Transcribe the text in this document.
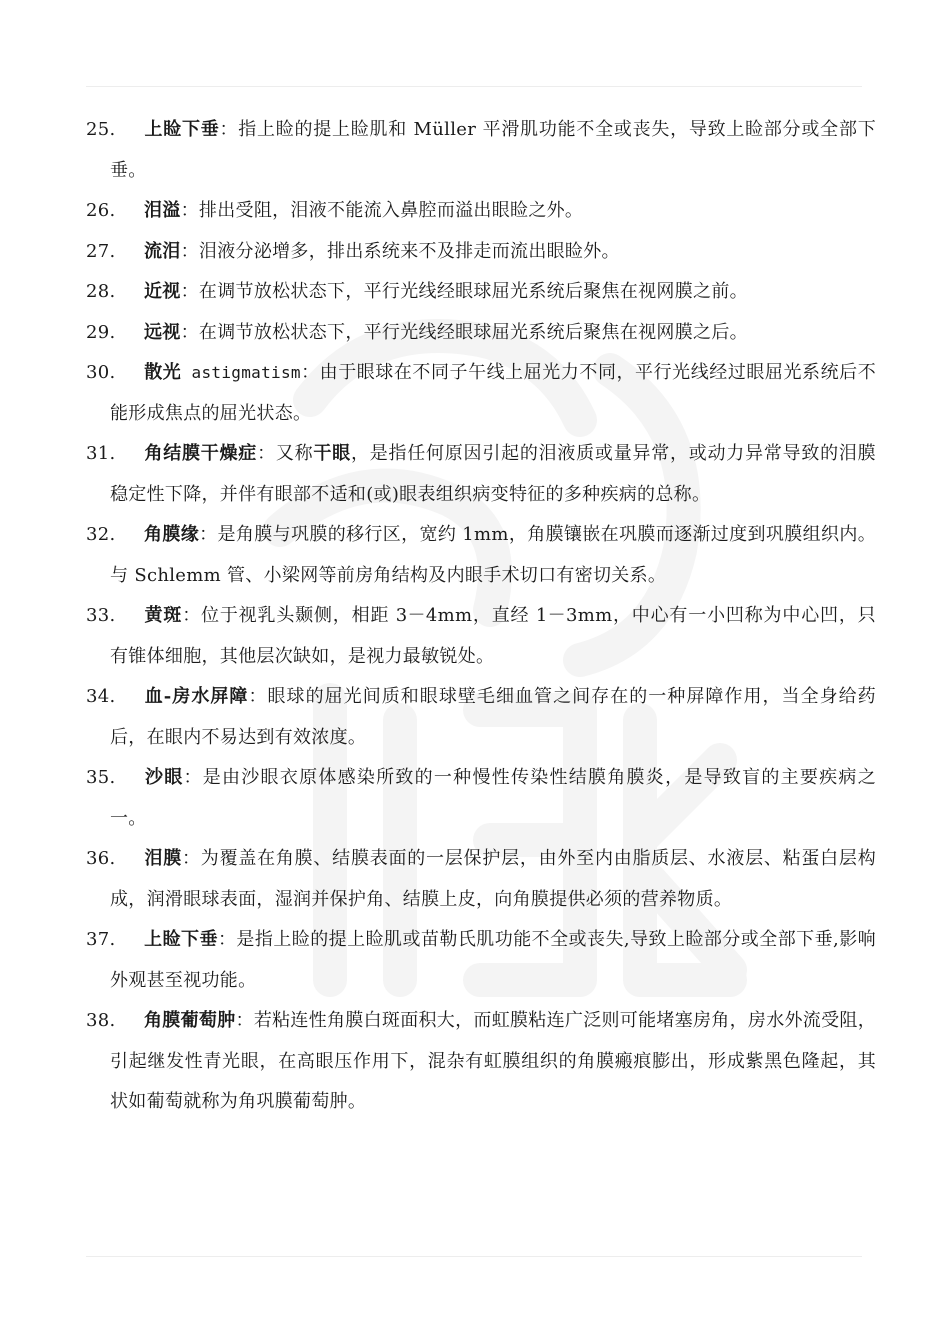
25.	上睑下垂：指上睑的提上睑肌和 Müller 平滑肌功能不全或丧失，导致上睑部分或全部下垂。
26.	泪溢：排出受阻，泪液不能流入鼻腔而溢出眼睑之外。
27.	流泪：泪液分泌增多，排出系统来不及排走而流出眼睑外。
28.	近视：在调节放松状态下，平行光线经眼球屈光系统后聚焦在视网膜之前。
29.	远视：在调节放松状态下，平行光线经眼球屈光系统后聚焦在视网膜之后。
30.	散光 astigmatism：由于眼球在不同子午线上屈光力不同，平行光线经过眼屈光系统后不能形成焦点的屈光状态。
31.	角结膜干燥症：又称干眼，是指任何原因引起的泪液质或量异常，或动力异常导致的泪膜稳定性下降，并伴有眼部不适和(或)眼表组织病变特征的多种疾病的总称。
32.	角膜缘：是角膜与巩膜的移行区，宽约 1mm，角膜镶嵌在巩膜而逐渐过度到巩膜组织内。与 Schlemm 管、小梁网等前房角结构及内眼手术切口有密切关系。
33.	黄斑：位于视乳头颞侧，相距 3－4mm，直经 1－3mm，中心有一小凹称为中心凹，只有锥体细胞，其他层次缺如，是视力最敏锐处。
34.	血-房水屏障：眼球的屈光间质和眼球壁毛细血管之间存在的一种屏障作用，当全身给药后，在眼内不易达到有效浓度。
35.	沙眼：是由沙眼衣原体感染所致的一种慢性传染性结膜角膜炎，是导致盲的主要疾病之一。
36.	泪膜：为覆盖在角膜、结膜表面的一层保护层，由外至内由脂质层、水液层、粘蛋白层构成，润滑眼球表面，湿润并保护角、结膜上皮，向角膜提供必须的营养物质。
37.	上睑下垂：是指上睑的提上睑肌或苗勒氏肌功能不全或丧失,导致上睑部分或全部下垂,影响外观甚至视功能。
38.	角膜葡萄肿：若粘连性角膜白斑面积大，而虹膜粘连广泛则可能堵塞房角，房水外流受阻，引起继发性青光眼，在高眼压作用下，混杂有虹膜组织的角膜瘢痕膨出，形成紫黑色隆起，其状如葡萄就称为角巩膜葡萄肿。
